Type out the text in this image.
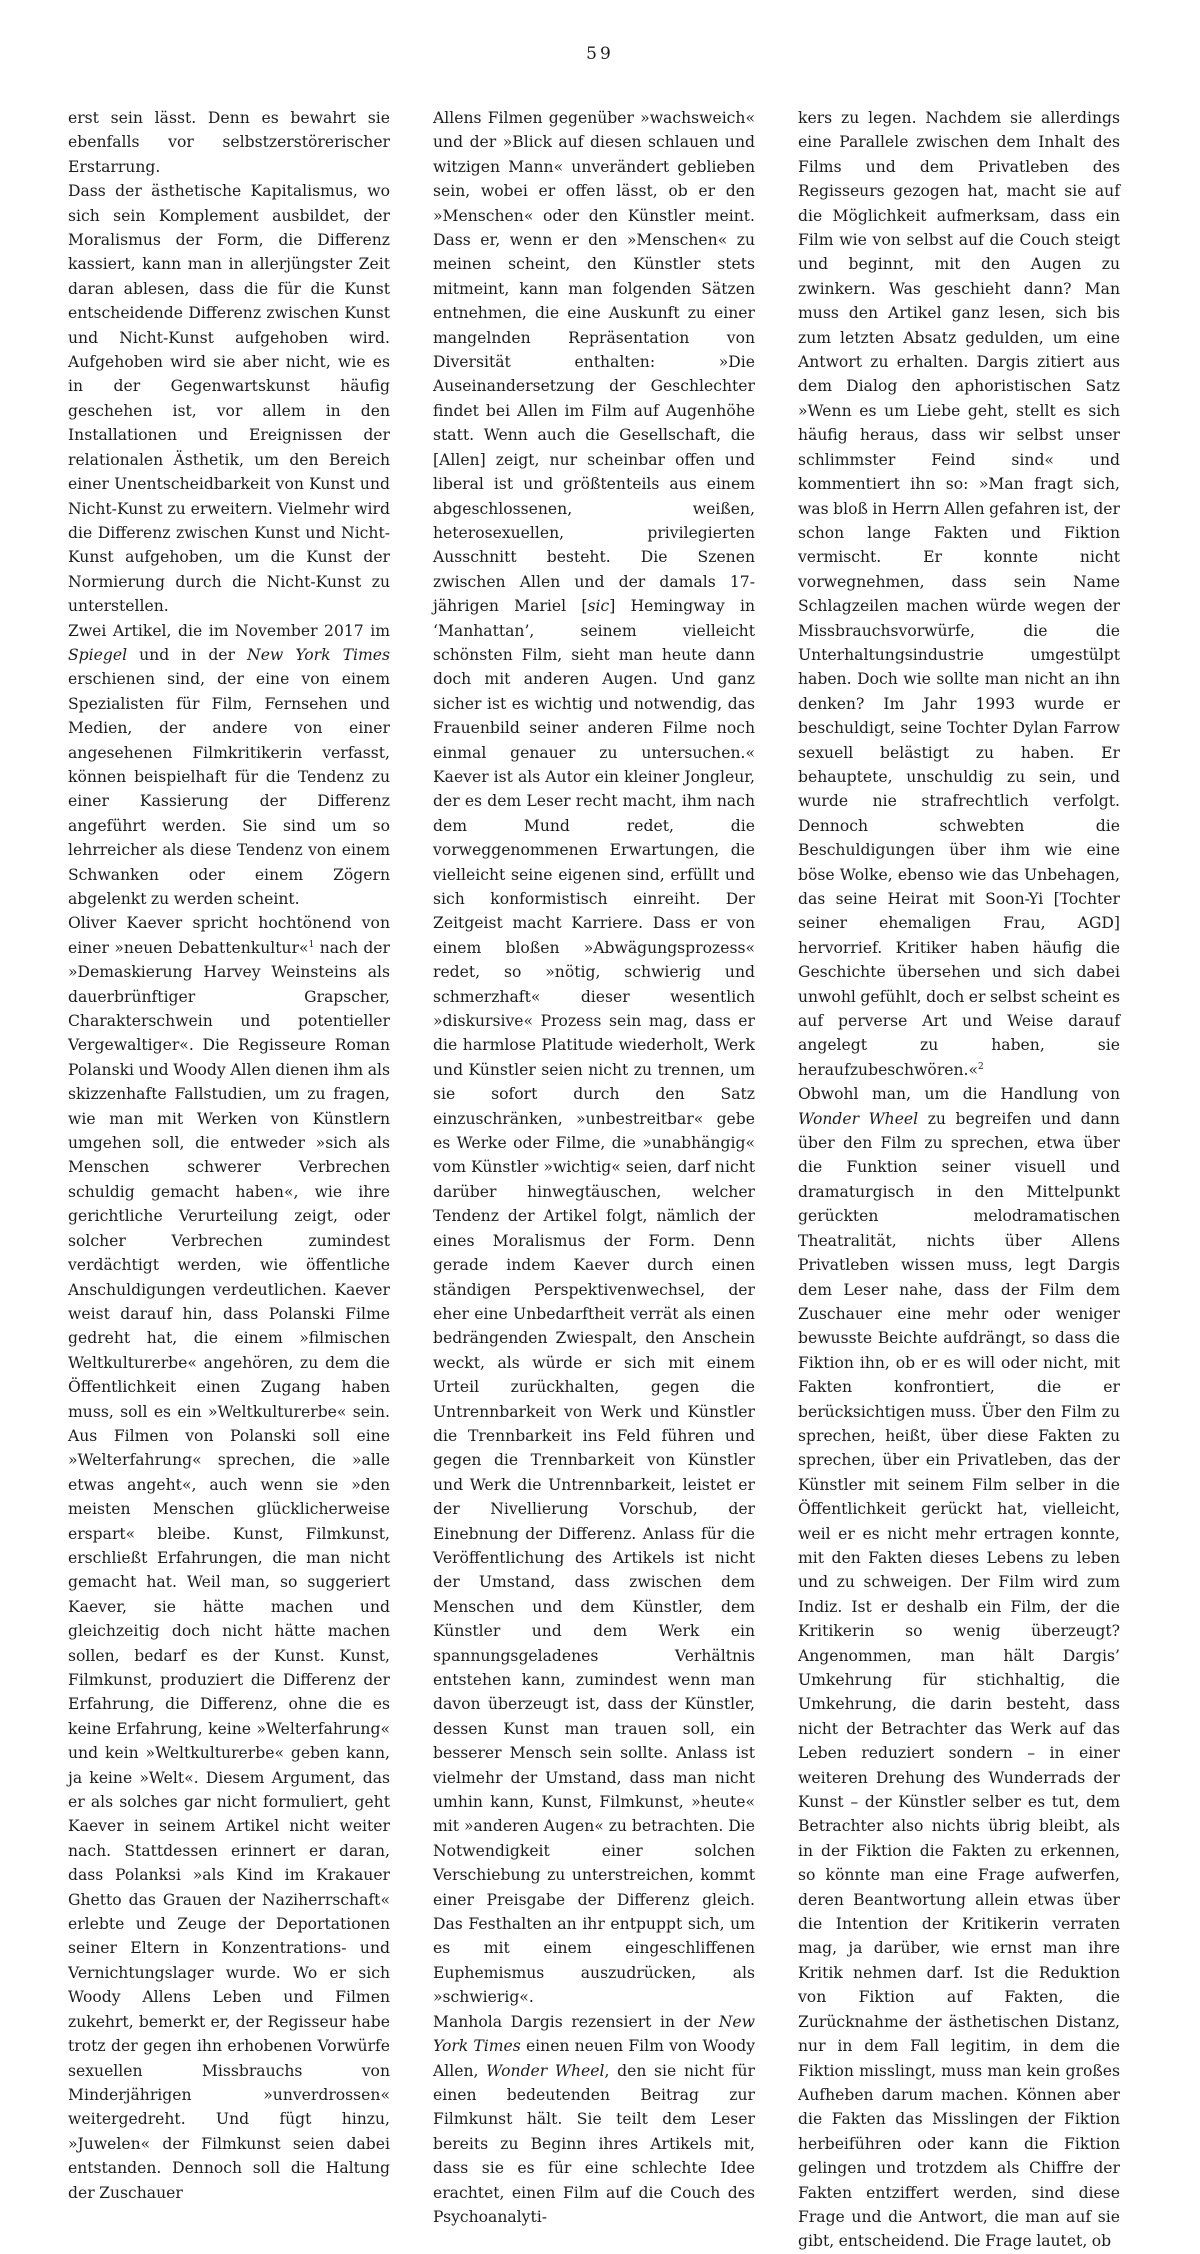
59

erst sein lässt. Denn es bewahrt sie ebenfalls vor selbstzerstörerischer Erstarrung.

Dass der ästhetische Kapitalismus, wo sich sein Komplement ausbildet, der Moralismus der Form, die Differenz kassiert, kann man in allerjüngster Zeit daran ablesen, dass die für die Kunst entscheidende Differenz zwischen Kunst und Nicht-Kunst aufgehoben wird. Aufgehoben wird sie aber nicht, wie es in der Gegenwartskunst häufig geschehen ist, vor allem in den Installationen und Ereignissen der relationalen Ästhetik, um den Bereich einer Unentscheidbarkeit von Kunst und Nicht-Kunst zu erweitern. Vielmehr wird die Differenz zwischen Kunst und Nicht-Kunst aufgehoben, um die Kunst der Normierung durch die Nicht-Kunst zu unterstellen.

Zwei Artikel, die im November 2017 im Spiegel und in der New York Times erschienen sind, der eine von einem Spezialisten für Film, Fernsehen und Medien, der andere von einer angesehenen Filmkritikerin verfasst, können beispielhaft für die Tendenz zu einer Kassierung der Differenz angeführt werden. Sie sind um so lehrreicher als diese Tendenz von einem Schwanken oder einem Zögern abgelenkt zu werden scheint.

Oliver Kaever spricht hochtönend von einer »neuen Debattenkultur«$^1$ nach der »Demaskierung Harvey Weinsteins als dauerbrünftiger Grapscher, Charakterschwein und potentieller Vergewaltiger«. Die Regisseure Roman Polanski und Woody Allen dienen ihm als skizzenhafte Fallstudien, um zu fragen, wie man mit Werken von Künstlern umgehen soll, die entweder »sich als Menschen schwerer Verbrechen schuldig gemacht haben«, wie ihre gerichtliche Verurteilung zeigt, oder solcher Verbrechen zumindest verdächtigt werden, wie öffentliche Anschuldigungen verdeutlichen. Kaever weist darauf hin, dass Polanski Filme gedreht hat, die einem »filmischen Weltkulturerbe« angehören, zu dem die Öffentlichkeit einen Zugang haben muss, soll es ein »Weltkulturerbe« sein. Aus Filmen von Polanski soll eine »Welterfahrung« sprechen, die »alle etwas angeht«, auch wenn sie »den meisten Menschen glücklicherweise erspart« bleibe. Kunst, Filmkunst, erschließt Erfahrungen, die man nicht gemacht hat. Weil man, so suggeriert Kaever, sie hätte machen und gleichzeitig doch nicht hätte machen sollen, bedarf es der Kunst. Kunst, Filmkunst, produziert die Differenz der Erfahrung, die Differenz, ohne die es keine Erfahrung, keine »Welterfahrung« und kein »Weltkulturerbe« geben kann, ja keine »Welt«. Diesem Argument, das er als solches gar nicht formuliert, geht Kaever in seinem Artikel nicht weiter nach. Stattdessen erinnert er daran, dass Polanksi »als Kind im Krakauer Ghetto das Grauen der Naziherrschaft« erlebte und Zeuge der Deportationen seiner Eltern in Konzentrations- und Vernichtungslager wurde. Wo er sich Woody Allens Leben und Filmen zukehrt, bemerkt er, der Regisseur habe trotz der gegen ihn erhobenen Vorwürfe sexuellen Missbrauchs von Minderjährigen »unverdrossen« weitergedreht. Und fügt hinzu, »Juwelen« der Filmkunst seien dabei entstanden. Dennoch soll die Haltung der Zuschauer

Allens Filmen gegenüber »wachsweich« und der »Blick auf diesen schlauen und witzigen Mann« unverändert geblieben sein, wobei er offen lässt, ob er den »Menschen« oder den Künstler meint. Dass er, wenn er den »Menschen« zu meinen scheint, den Künstler stets mitmeint, kann man folgenden Sätzen entnehmen, die eine Auskunft zu einer mangelnden Repräsentation von Diversität enthalten: »Die Auseinandersetzung der Geschlechter findet bei Allen im Film auf Augenhöhe statt. Wenn auch die Gesellschaft, die [Allen] zeigt, nur scheinbar offen und liberal ist und größtenteils aus einem abgeschlossenen, weißen, heterosexuellen, privilegierten Ausschnitt besteht. Die Szenen zwischen Allen und der damals 17-jährigen Mariel [sic] Hemingway in ‘Manhattan’, seinem vielleicht schönsten Film, sieht man heute dann doch mit anderen Augen. Und ganz sicher ist es wichtig und notwendig, das Frauenbild seiner anderen Filme noch einmal genauer zu untersuchen.« Kaever ist als Autor ein kleiner Jongleur, der es dem Leser recht macht, ihm nach dem Mund redet, die vorweggenommenen Erwartungen, die vielleicht seine eigenen sind, erfüllt und sich konformistisch einreiht. Der Zeitgeist macht Karriere. Dass er von einem bloßen »Abwägungsprozess« redet, so »nötig, schwierig und schmerzhaft« dieser wesentlich »diskursive« Prozess sein mag, dass er die harmlose Platitude wiederholt, Werk und Künstler seien nicht zu trennen, um sie sofort durch den Satz einzuschränken, »unbestreitbar« gebe es Werke oder Filme, die »unabhängig« vom Künstler »wichtig« seien, darf nicht darüber hinwegtäuschen, welcher Tendenz der Artikel folgt, nämlich der eines Moralismus der Form. Denn gerade indem Kaever durch einen ständigen Perspektivenwechsel, der eher eine Unbedarftheit verrät als einen bedrängenden Zwiespalt, den Anschein weckt, als würde er sich mit einem Urteil zurückhalten, gegen die Untrennbarkeit von Werk und Künstler die Trennbarkeit ins Feld führen und gegen die Trennbarkeit von Künstler und Werk die Untrennbarkeit, leistet er der Nivellierung Vorschub, der Einebnung der Differenz. Anlass für die Veröffentlichung des Artikels ist nicht der Umstand, dass zwischen dem Menschen und dem Künstler, dem Künstler und dem Werk ein spannungsgeladenes Verhältnis entstehen kann, zumindest wenn man davon überzeugt ist, dass der Künstler, dessen Kunst man trauen soll, ein besserer Mensch sein sollte. Anlass ist vielmehr der Umstand, dass man nicht umhin kann, Kunst, Filmkunst, »heute« mit »anderen Augen« zu betrachten. Die Notwendigkeit einer solchen Verschiebung zu unterstreichen, kommt einer Preisgabe der Differenz gleich. Das Festhalten an ihr entpuppt sich, um es mit einem eingeschliffenen Euphemismus auszudrücken, als »schwierig«.

Manhola Dargis rezensiert in der New York Times einen neuen Film von Woody Allen, Wonder Wheel, den sie nicht für einen bedeutenden Beitrag zur Filmkunst hält. Sie teilt dem Leser bereits zu Beginn ihres Artikels mit, dass sie es für eine schlechte Idee erachtet, einen Film auf die Couch des Psychoanalyti-

kers zu legen. Nachdem sie allerdings eine Parallele zwischen dem Inhalt des Films und dem Privatleben des Regisseurs gezogen hat, macht sie auf die Möglichkeit aufmerksam, dass ein Film wie von selbst auf die Couch steigt und beginnt, mit den Augen zu zwinkern. Was geschieht dann? Man muss den Artikel ganz lesen, sich bis zum letzten Absatz gedulden, um eine Antwort zu erhalten. Dargis zitiert aus dem Dialog den aphoristischen Satz »Wenn es um Liebe geht, stellt es sich häufig heraus, dass wir selbst unser schlimmster Feind sind« und kommentiert ihn so: »Man fragt sich, was bloß in Herrn Allen gefahren ist, der schon lange Fakten und Fiktion vermischt. Er konnte nicht vorwegnehmen, dass sein Name Schlagzeilen machen würde wegen der Missbrauchsvorwürfe, die die Unterhaltungsindustrie umgestülpt haben. Doch wie sollte man nicht an ihn denken? Im Jahr 1993 wurde er beschuldigt, seine Tochter Dylan Farrow sexuell belästigt zu haben. Er behauptete, unschuldig zu sein, und wurde nie strafrechtlich verfolgt. Dennoch schwebten die Beschuldigungen über ihm wie eine böse Wolke, ebenso wie das Unbehagen, das seine Heirat mit Soon-Yi [Tochter seiner ehemaligen Frau, AGD] hervorrief. Kritiker haben häufig die Geschichte übersehen und sich dabei unwohl gefühlt, doch er selbst scheint es auf perverse Art und Weise darauf angelegt zu haben, sie heraufzubeschwören.«$^2$

Obwohl man, um die Handlung von Wonder Wheel zu begreifen und dann über den Film zu sprechen, etwa über die Funktion seiner visuell und dramaturgisch in den Mittelpunkt gerückten melodramatischen Theatralität, nichts über Allens Privatleben wissen muss, legt Dargis dem Leser nahe, dass der Film dem Zuschauer eine mehr oder weniger bewusste Beichte aufdrängt, so dass die Fiktion ihn, ob er es will oder nicht, mit Fakten konfrontiert, die er berücksichtigen muss. Über den Film zu sprechen, heißt, über diese Fakten zu sprechen, über ein Privatleben, das der Künstler mit seinem Film selber in die Öffentlichkeit gerückt hat, vielleicht, weil er es nicht mehr ertragen konnte, mit den Fakten dieses Lebens zu leben und zu schweigen. Der Film wird zum Indiz. Ist er deshalb ein Film, der die Kritikerin so wenig überzeugt? Angenommen, man hält Dargis’ Umkehrung für stichhaltig, die Umkehrung, die darin besteht, dass nicht der Betrachter das Werk auf das Leben reduziert sondern – in einer weiteren Drehung des Wunderrads der Kunst – der Künstler selber es tut, dem Betrachter also nichts übrig bleibt, als in der Fiktion die Fakten zu erkennen, so könnte man eine Frage aufwerfen, deren Beantwortung allein etwas über die Intention der Kritikerin verraten mag, ja darüber, wie ernst man ihre Kritik nehmen darf. Ist die Reduktion von Fiktion auf Fakten, die Zurücknahme der ästhetischen Distanz, nur in dem Fall legitim, in dem die Fiktion misslingt, muss man kein großes Aufheben darum machen. Können aber die Fakten das Misslingen der Fiktion herbeiführen oder kann die Fiktion gelingen und trotzdem als Chiffre der Fakten entziffert werden, sind diese Frage und die Antwort, die man auf sie gibt, entscheidend. Die Frage lautet, ob
